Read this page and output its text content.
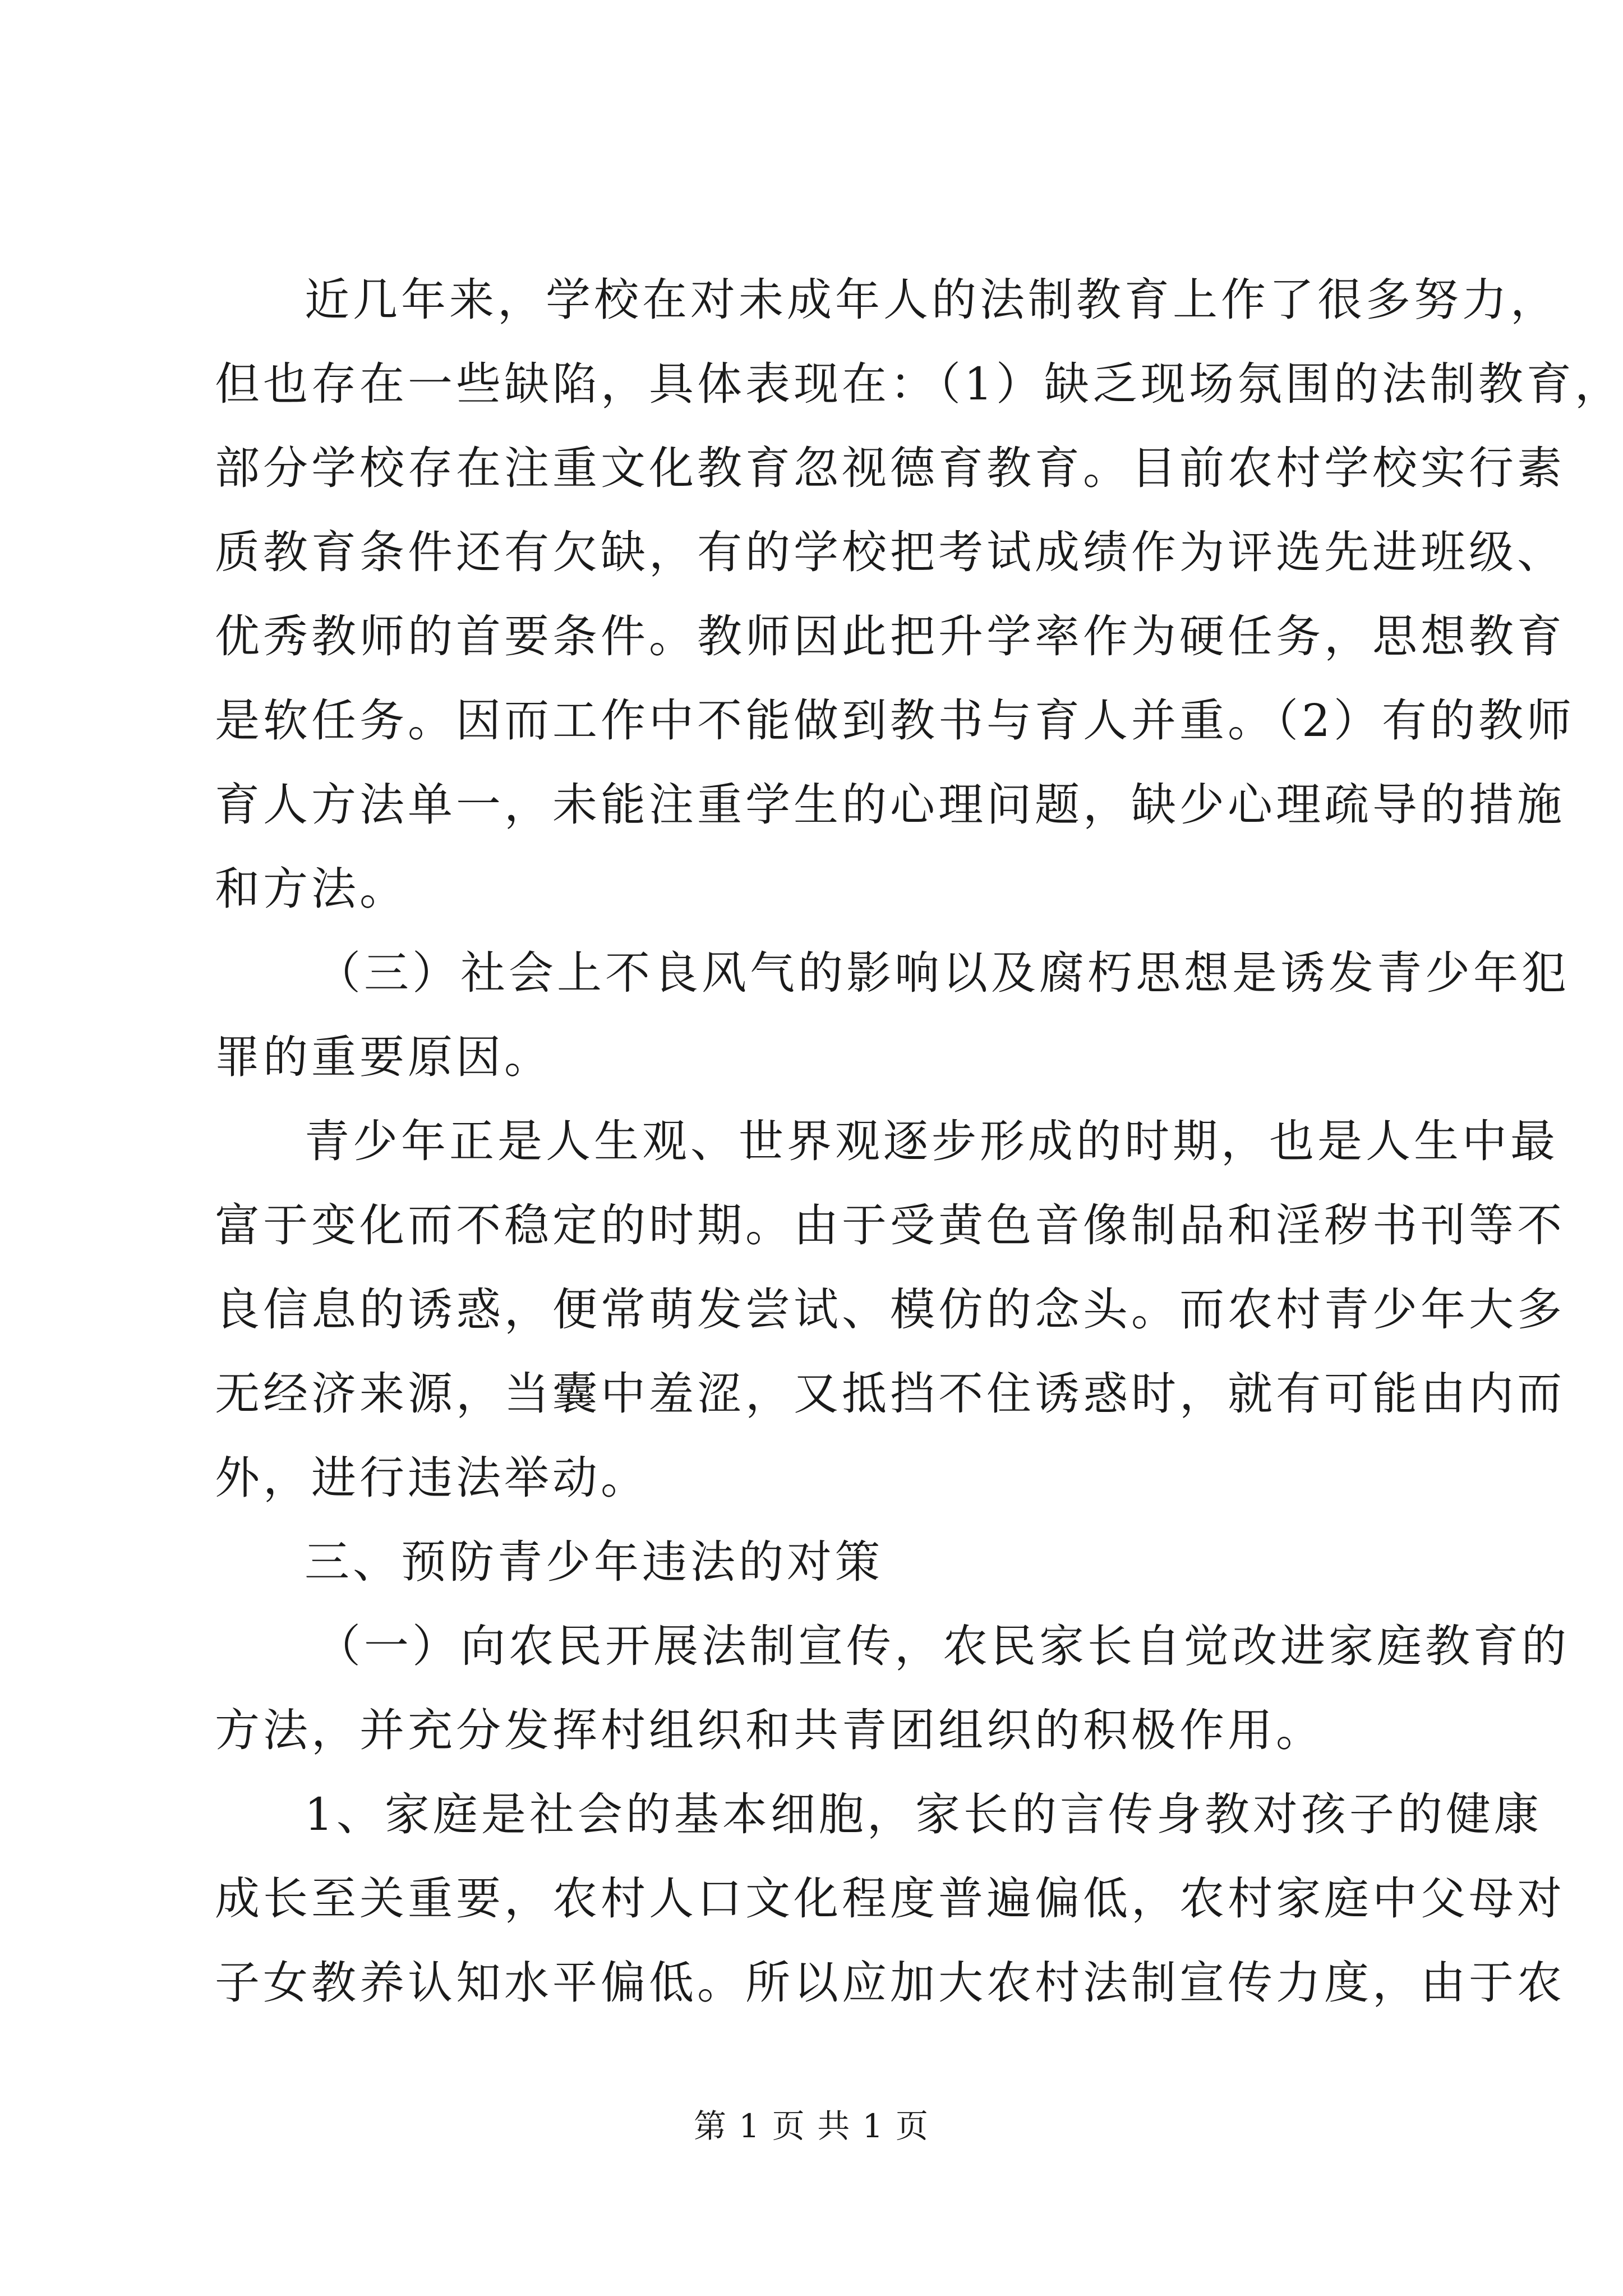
近几年来，学校在对未成年人的法制教育上作了很多努力，
但也存在一些缺陷，具体表现在：（1）缺乏现场氛围的法制教育，
部分学校存在注重文化教育忽视德育教育。目前农村学校实行素
质教育条件还有欠缺，有的学校把考试成绩作为评选先进班级、
优秀教师的首要条件。教师因此把升学率作为硬任务，思想教育
是软任务。因而工作中不能做到教书与育人并重。（2）有的教师
育人方法单一，未能注重学生的心理问题，缺少心理疏导的措施
和方法。
（三）社会上不良风气的影响以及腐朽思想是诱发青少年犯
罪的重要原因。
青少年正是人生观、世界观逐步形成的时期，也是人生中最
富于变化而不稳定的时期。由于受黄色音像制品和淫秽书刊等不
良信息的诱惑，便常萌发尝试、模仿的念头。而农村青少年大多
无经济来源，当囊中羞涩，又抵挡不住诱惑时，就有可能由内而
外，进行违法举动。
三、预防青少年违法的对策
（一）向农民开展法制宣传，农民家长自觉改进家庭教育的
方法，并充分发挥村组织和共青团组织的积极作用。
1、家庭是社会的基本细胞，家长的言传身教对孩子的健康
成长至关重要，农村人口文化程度普遍偏低，农村家庭中父母对
子女教养认知水平偏低。所以应加大农村法制宣传力度，由于农
第 1 页 共 1 页
